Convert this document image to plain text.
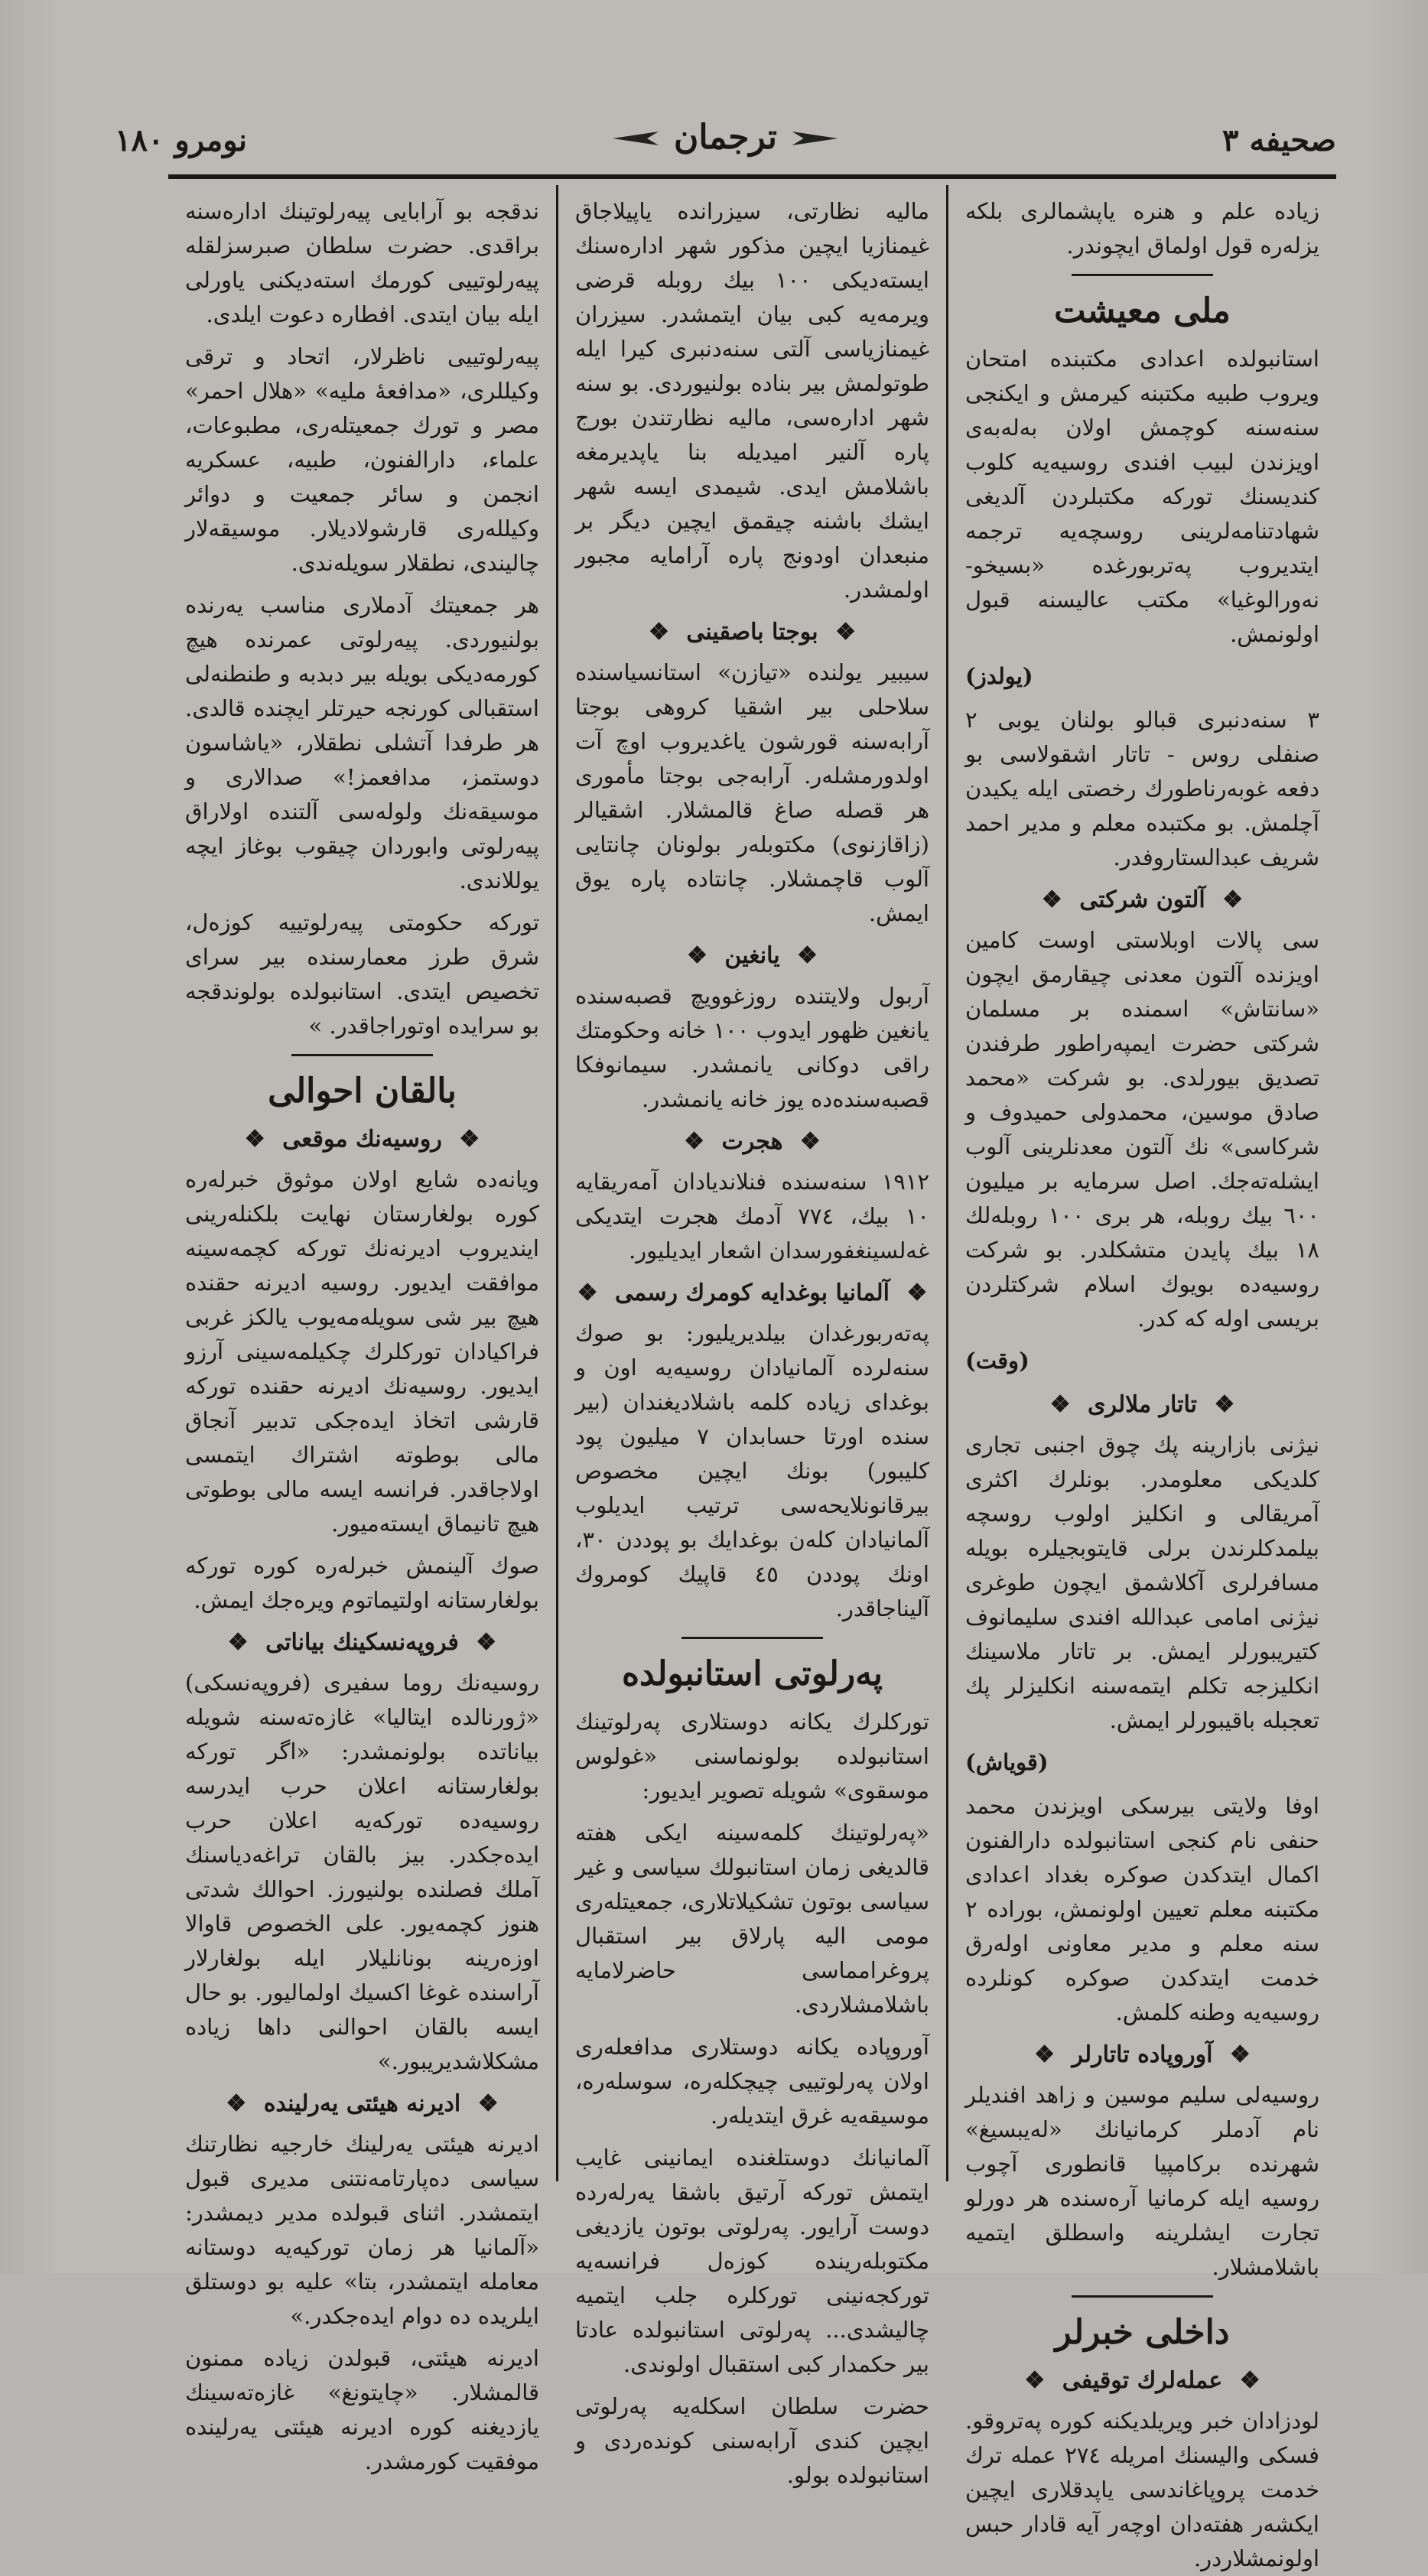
صحيفه ٣
ترجمان
نومرو ١٨٠

زیاده علم و هنره یاپشمالری بلکه یزلەره قول اولماق ایچوندر.

ملی معیشت

استانبولده اعدادی مکتبنده امتحان ویروب طبیه مکتبنه کیرمش و ایکنجی سنەسنه کوچمش اولان بەلەبەی اویزندن لبیب افندی روسیەیه کلوب کندیسنك تورکه مکتبلردن آلدیغی شهادتنامەلرینی روسچەیه ترجمه ایتدیروب پەتربورغده «بسیخو-نەورالوغیا» مکتب عالیسنه قبول اولونمش.

(یولدز)

٣ سنەدنبری قبالو بولنان یوبی ٢ صنفلی روس - تاتار اشقولاسی بو دفعه غوبەرناطورك رخصتی ایله یکیدن آچلمش. بو مکتبده معلم و مدیر احمد شریف عبدالستاروفدر.

❖ آلتون شرکتی ❖

سی پالات اوبلاستی اوست کامین اویزنده آلتون معدنی چیقارمق ایچون «سانتاش» اسمنده بر مسلمان شرکتی حضرت ایمپەراطور طرفندن تصدیق بیورلدی. بو شرکت «محمد صادق موسین، محمدولی حمیدوف و شرکاسی» نك آلتون معدنلرینی آلوب ایشلەتەجك. اصل سرمایه بر میلیون ٦٠٠ بیك روبله، هر بری ١٠٠ روبلەلك ١٨ بیك پایدن متشکلدر. بو شرکت روسیەده بویوك اسلام شرکتلردن بریسی اوله که کدر.

(وقت)
❖ تاتار ملالری ❖

نیژنی بازارینه پك چوق اجنبی تجاری کلدیکی معلومدر. بونلرك اکثری آمریقالی و انکلیز اولوب روسچه بیلمدکلرندن برلی قایتوبجیلره بویله مسافرلری آکلاشمق ایچون طوغری نیژنی امامی عبدالله افندی سلیمانوف کتیریبورلر ایمش. بر تاتار ملاسینك انکلیزجه تکلم ایتمەسنه انکلیزلر پك تعجبله باقیبورلر ایمش.

(قویاش)

اوفا ولایتی بیرسکی اویزندن محمد حنفی نام کنجی استانبولده دارالفنون اکمال ایتدکدن صوکره بغداد اعدادی مکتبنه معلم تعیین اولونمش، بوراده ٢ سنه معلم و مدیر معاونی اولەرق خدمت ایتدکدن صوکره کونلرده روسیەیه وطنه کلمش.

❖ آوروپاده تاتارلر ❖

روسیەلی سلیم موسین و زاهد افندیلر نام آدملر کرمانیانك «لەیبسیغ» شهرنده برکامپیا قانطوری آچوب روسیه ایله کرمانیا آرەسنده هر دورلو تجارت ایشلرینه واسطلق ایتمیه باشلامشلار.

داخلی خبرلر
❖ عملەلرك توقیفی ❖

لودزادان خبر ویریلدیکنه کوره پەتروقو. فسکی والیسنك امریله ٢٧٤ عمله ترك خدمت پروپاغاندسی یاپدقلاری ایچین ایکشەر هفتەدان اوچەر آیه قادار حبس اولونمشلاردر.

مالیه نظارتی، سیزرانده یاپیلاجاق غیمنازیا ایچین مذکور شهر ادارەسنك ایستەدیکی ١٠٠ بیك روبله قرضی ویرمەیه کبی بیان ایتمشدر. سیزران غیمنازیاسی آلتی سنەدنبری کیرا ایله طوتولمش بیر بناده بولنیوردی. بو سنه شهر ادارەسی، مالیه نظارتندن بورج پاره آلنیر امیدیله بنا یاپدیرمغه باشلامش ایدی. شیمدی ایسه شهر ایشك باشنه چیقمق ایچین دیگر بر منبعدان اودونج پاره آرامایه مجبور اولمشدر.

❖ بوجتا باصقینی ❖

سیبیر یولنده «تیازن» استانسیاسنده سلاحلی بیر اشقیا کروهی بوجتا آرابەسنه قورشون یاغدیروب اوچ آت اولدورمشلەر. آرابەجی بوجتا مأموری هر قصله صاغ قالمشلار. اشقیالر (زاقازنوی) مکتوبلەر بولونان چانتایی آلوب قاچمشلار. چانتاده پاره یوق ایمش.

❖ یانغین ❖

آربول ولایتنده روزغوویچ قصبەسنده یانغین ظهور ایدوب ١٠٠ خانه وحکومتك راقی دوکانی یانمشدر. سیمانوفکا قصبەسندەده یوز خانه یانمشدر.

❖ هجرت ❖

١٩١٢ سنەسنده فنلاندیادان آمەریقایه ١٠ بیك، ٧٧٤ آدمك هجرت ایتدیکی غەلسینغفورسدان اشعار ایدیلیور.

❖ آلمانیا بوغدایه کومرك رسمی ❖

پەتەربورغدان بیلدیریلیور: بو صوك سنەلرده آلمانیادان روسیەیه اون و بوغدای زیاده کلمه باشلادیغندان (بیر سنده اورتا حسابدان ٧ میلیون پود کلیبور) بونك ایچین مخصوص بیرقانونلایحەسی ترتیب ایدیلوب آلمانیادان کلەن بوغدایك بو پوددن ٣٠، اونك پوددن ٤٥ قاپیك کومروك آلیناجاقدر.

پەرلوتی استانبولده

تورکلرك یکانه دوستلاری پەرلوتینك استانبولده بولونماسنی «غولوس موسقوی» شویله تصویر ایدیور:

«پەرلوتینك کلمەسینه ایکی هفته قالدیغی زمان استانبولك سیاسی و غیر سیاسی بوتون تشکیلاتلاری، جمعیتلەری مومی الیه پارلاق بیر استقبال پروغرامماسی حاضرلامایه باشلامشلاردی.

آوروپاده یکانه دوستلاری مدافعلەری اولان پەرلوتییی چیچکلەره، سوسلەره، موسیقەیه غرق ایتدیلەر.

آلمانیانك دوستلغنده ایمانینی غایب ایتمش تورکه آرتیق باشقا یەرلەرده دوست آرایور. پەرلوتی بوتون یازدیغی مکتوبلەرینده کوزەل فرانسەیه تورکجەنینی تورکلرە جلب ایتمیه چالیشدی... پەرلوتی استانبولده عادتا بیر حکمدار کبی استقبال اولوندی.

حضرت سلطان اسکلەیه پەرلوتی ایچین کندی آرابەسنی کوندەردی و استانبولده بولو.

ندقجه بو آرابایی پیەرلوتینك ادارەسنه براقدی. حضرت سلطان صبرسزلقله پیەرلوتییی کورمك استەدیکنی یاورلی ایله بیان ایتدی. افطاره دعوت ایلدی.

پیەرلوتییی ناظرلار، اتحاد و ترقی وکیللری، «مدافعۀ ملیه» «هلال احمر» مصر و تورك جمعیتلەری، مطبوعات، علماء، دارالفنون، طبیه، عسکریه انجمن و سائر جمعیت و دوائر وکیللەری قارشولادیلار. موسیقەلار چالیندی، نطقلار سویلەندی.

هر جمعیتك آدملاری مناسب یەرنده بولنیوردی. پیەرلوتی عمرنده هیچ کورمەدیکی بویله بیر دبدبه و طنطنەلی استقبالی کورنجه حیرتلر ایچنده قالدی. هر طرفدا آتشلی نطقلار، «یاشاسون دوستمز، مدافعمز!» صدالاری و موسیقەنك ولولەسی آلتنده اولاراق پیەرلوتی وابوردان چیقوب بوغاز ایچه یوللاندی.

تورکه حکومتی پیەرلوتییه کوزەل، شرق طرز معمارسنده بیر سرای تخصیص ایتدی. استانبولده بولوندقجه بو سرایده اوتوراجاقدر. »

بالقان احوالی
❖ روسیەنك موقعی ❖

ویانەده شایع اولان موثوق خبرلەره کوره بولغارستان نهایت بلکنلەرینی ایندیروب ادیرنەنك تورکه کچمەسینه موافقت ایدیور. روسیه ادیرنه حقنده هیچ بیر شی سویلەمەیوب یالکز غربی فراکیادان تورکلرك چکیلمەسینی آرزو ایدیور. روسیەنك ادیرنه حقنده تورکه قارشی اتخاذ ایدەجکی تدبیر آنجاق مالی بوطوته اشتراك ایتمسی اولاجاقدر. فرانسه ایسه مالی بوطوتی هیچ تانیماق ایستەمیور.

صوك آلینمش خبرلەره کوره تورکه بولغارستانه اولتیماتوم ویرەجك ایمش.

❖ فروپەنسکینك بیاناتی ❖

روسیەنك روما سفیری (فروپەنسکی) «ژورنالده ایتالیا» غازەتەسنه شویله بیاناتده بولونمشدر: «اگر تورکه بولغارستانه اعلان حرب ایدرسه روسیەده تورکەیه اعلان حرب ایدەجکدر. بیز بالقان تراغەدیاسنك آملك فصلنده بولنیورز. احوالك شدتی هنوز کچمەیور. علی الخصوص قاوالا اوزەرینه بونانلیلار ایله بولغارلار آراسنده غوغا اکسیك اولمالیور. بو حال ایسه بالقان احوالنی داها زیاده مشکلاشدیریبور.»

❖ ادیرنه هیئتی یەرلینده ❖

ادیرنه هیئتی یەرلینك خارجیه نظارتنك سیاسی دەپارتامەنتنی مدیری قبول ایتمشدر. اثنای قبولده مدیر دیمشدر: «آلمانیا هر زمان تورکیەیه دوستانه معامله ایتمشدر، بتا» علیه بو دوستلق ایلریده ده دوام ایدەجکدر.»

ادیرنه هیئتی، قبولدن زیاده ممنون قالمشلار. «چایتونغ» غازەتەسینك یازدیغنه کوره ادیرنه هیئتی یەرلینده موفقیت کورمشدر.
